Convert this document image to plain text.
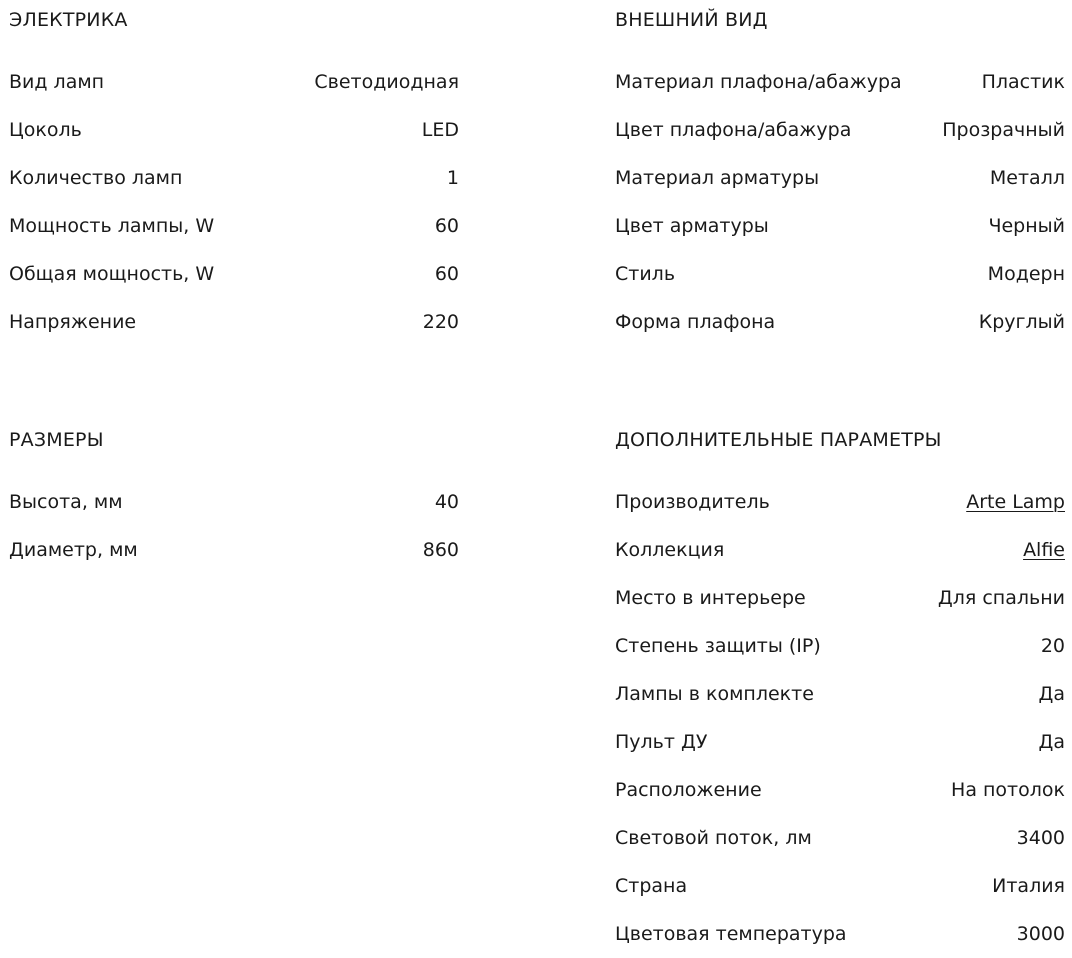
ЭЛЕКТРИКА
Вид ламп	Светодиодная
Цоколь	LED
Количество ламп	1
Мощность лампы, W	60
Общая мощность, W	60
Напряжение	220
РАЗМЕРЫ
Высота, мм	40
Диаметр, мм	860
ВНЕШНИЙ ВИД
Материал плафона/абажура	Пластик
Цвет плафона/абажура	Прозрачный
Материал арматуры	Металл
Цвет арматуры	Черный
Стиль	Модерн
Форма плафона	Круглый
ДОПОЛНИТЕЛЬНЫЕ ПАРАМЕТРЫ
Производитель	Arte Lamp
Коллекция	Alfie
Место в интерьере	Для спальни
Степень защиты (IP)	20
Лампы в комплекте	Да
Пульт ДУ	Да
Расположение	На потолок
Световой поток, лм	3400
Страна	Италия
Цветовая температура	3000
